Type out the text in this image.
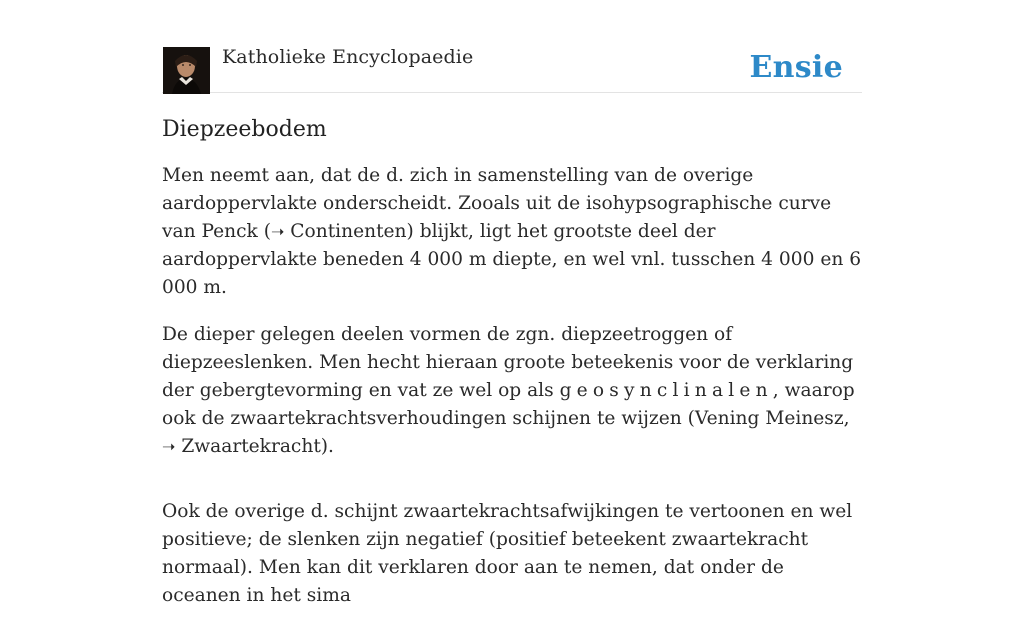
Katholieke Encyclopaedie	Ensie
Diepzeebodem

Men neemt aan, dat de d. zich in samenstelling van de overige aardoppervlakte onderscheidt. Zooals uit de isohypsographische curve van Penck (➝ Continenten) blijkt, ligt het grootste deel der aardoppervlakte beneden 4 000 m diepte, en wel vnl. tusschen 4 000 en 6 000 m.

De dieper gelegen deelen vormen de zgn. diepzeetroggen of diepzeeslenken. Men hecht hieraan groote beteekenis voor de verklaring der gebergtevorming en vat ze wel op als geosynclinalen, waarop ook de zwaartekrachtsverhoudingen schijnen te wijzen (Vening Meinesz, ➝ Zwaartekracht).

Ook de overige d. schijnt zwaartekrachtsafwijkingen te vertoonen en wel positieve; de slenken zijn negatief (positief beteekent zwaartekracht normaal). Men kan dit verklaren door aan te nemen, dat onder de oceanen in het sima
